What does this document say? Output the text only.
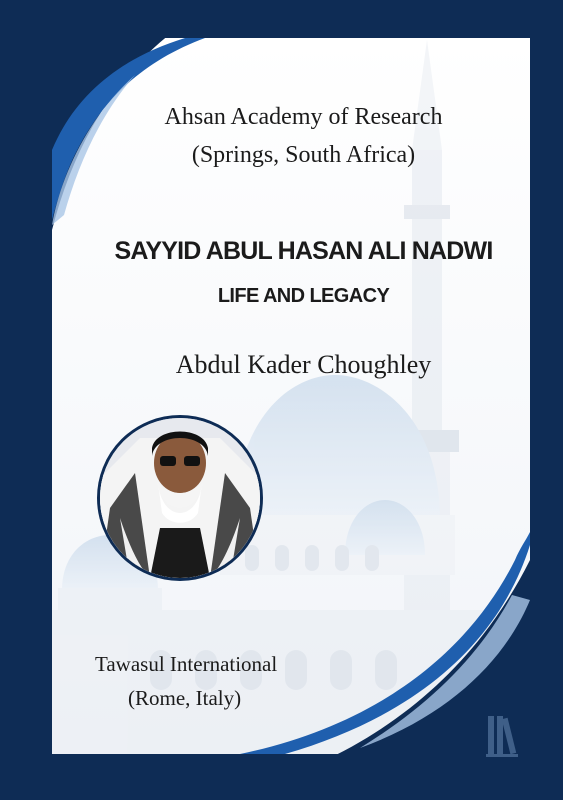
Ahsan Academy of Research

(Springs, South Africa)

SAYYID ABUL HASAN ALI NADWI

LIFE AND LEGACY

Abdul Kader Choughley

Tawasul International

(Rome, Italy)
